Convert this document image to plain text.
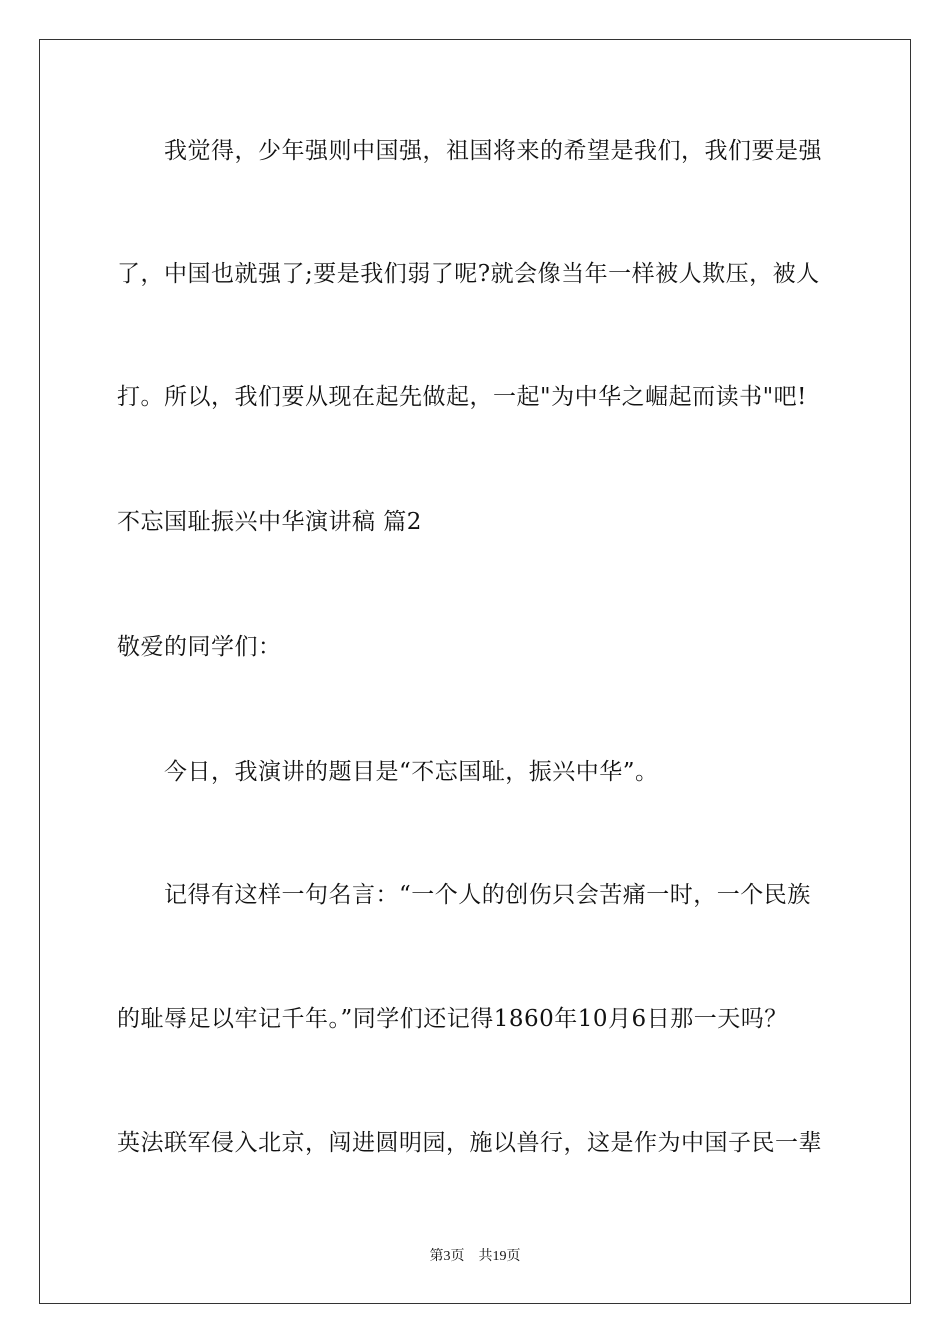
我觉得，少年强则中国强，祖国将来的希望是我们，我们要是强
了，中国也就强了;要是我们弱了呢?就会像当年一样被人欺压，被人
打。所以，我们要从现在起先做起，一起"为中华之崛起而读书"吧!
不忘国耻振兴中华演讲稿 篇2
敬爱的同学们：
今日，我演讲的题目是“不忘国耻，振兴中华”。
记得有这样一句名言：“一个人的创伤只会苦痛一时，一个民族
的耻辱足以牢记千年。”同学们还记得1860年10月6日那一天吗？
英法联军侵入北京，闯进圆明园，施以兽行，这是作为中国子民一辈
第3页 共19页
